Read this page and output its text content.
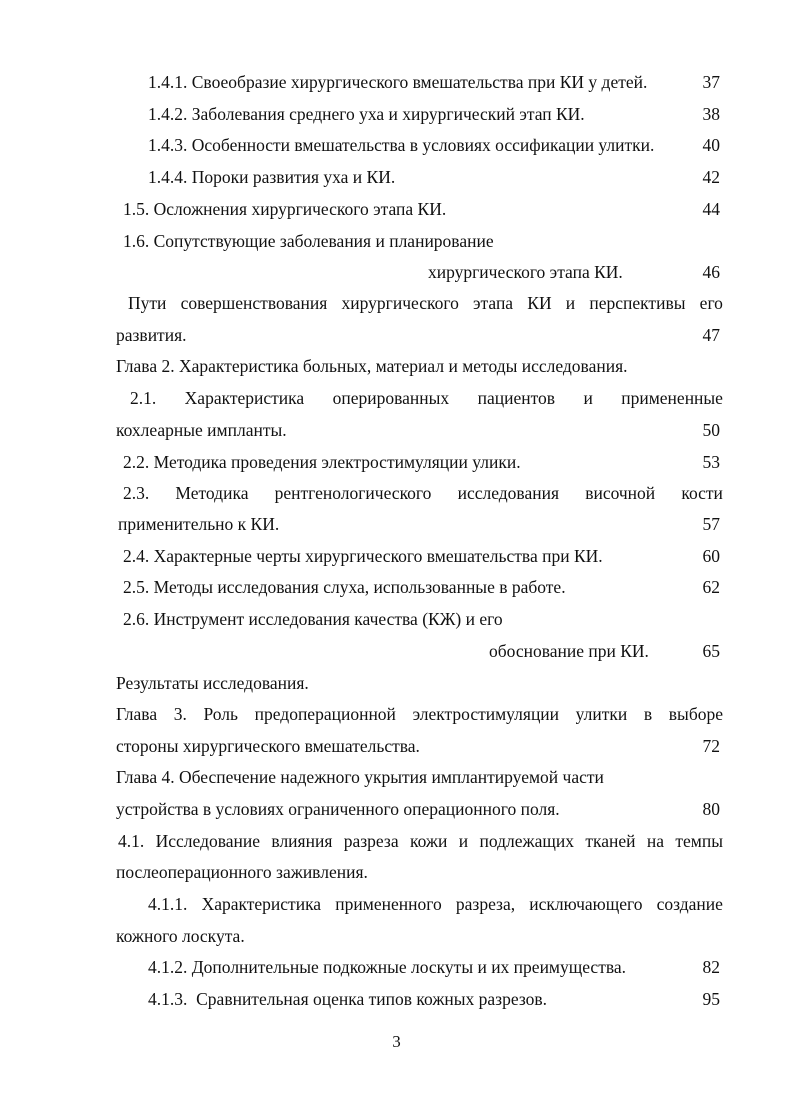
1.4.1. Своеобразие хирургического вмешательства при КИ у детей.	37
1.4.2. Заболевания среднего уха и хирургический этап КИ.	38
1.4.3. Особенности вмешательства в условиях оссификации улитки.	40
1.4.4. Пороки развития уха и КИ.	42
1.5. Осложнения хирургического этапа КИ.	44
1.6. Сопутствующие заболевания и планирование
хирургического этапа КИ.	46
Пути совершенствования хирургического этапа КИ и перспективы его
развития.	47
Глава 2. Характеристика больных, материал и методы исследования.
2.1. Характеристика оперированных пациентов и примененные
кохлеарные импланты.	50
2.2. Методика проведения электростимуляции улики.	53
2.3. Методика рентгенологического исследования височной кости
применительно к КИ.	57
2.4. Характерные черты хирургического вмешательства при КИ.	60
2.5. Методы исследования слуха, использованные в работе.	62
2.6. Инструмент исследования качества (КЖ) и его
обоснование при КИ.	65
Результаты исследования.
Глава 3. Роль предоперационной электростимуляции улитки в выборе
стороны хирургического вмешательства.	72
Глава 4. Обеспечение надежного укрытия имплантируемой части
устройства в условиях ограниченного операционного поля.	80
4.1. Исследование влияния разреза кожи и подлежащих тканей на темпы
послеоперационного заживления.
4.1.1. Характеристика примененного разреза, исключающего создание
кожного лоскута.
4.1.2. Дополнительные подкожные лоскуты и их преимущества.	82
4.1.3.  Сравнительная оценка типов кожных разрезов.	95
3
